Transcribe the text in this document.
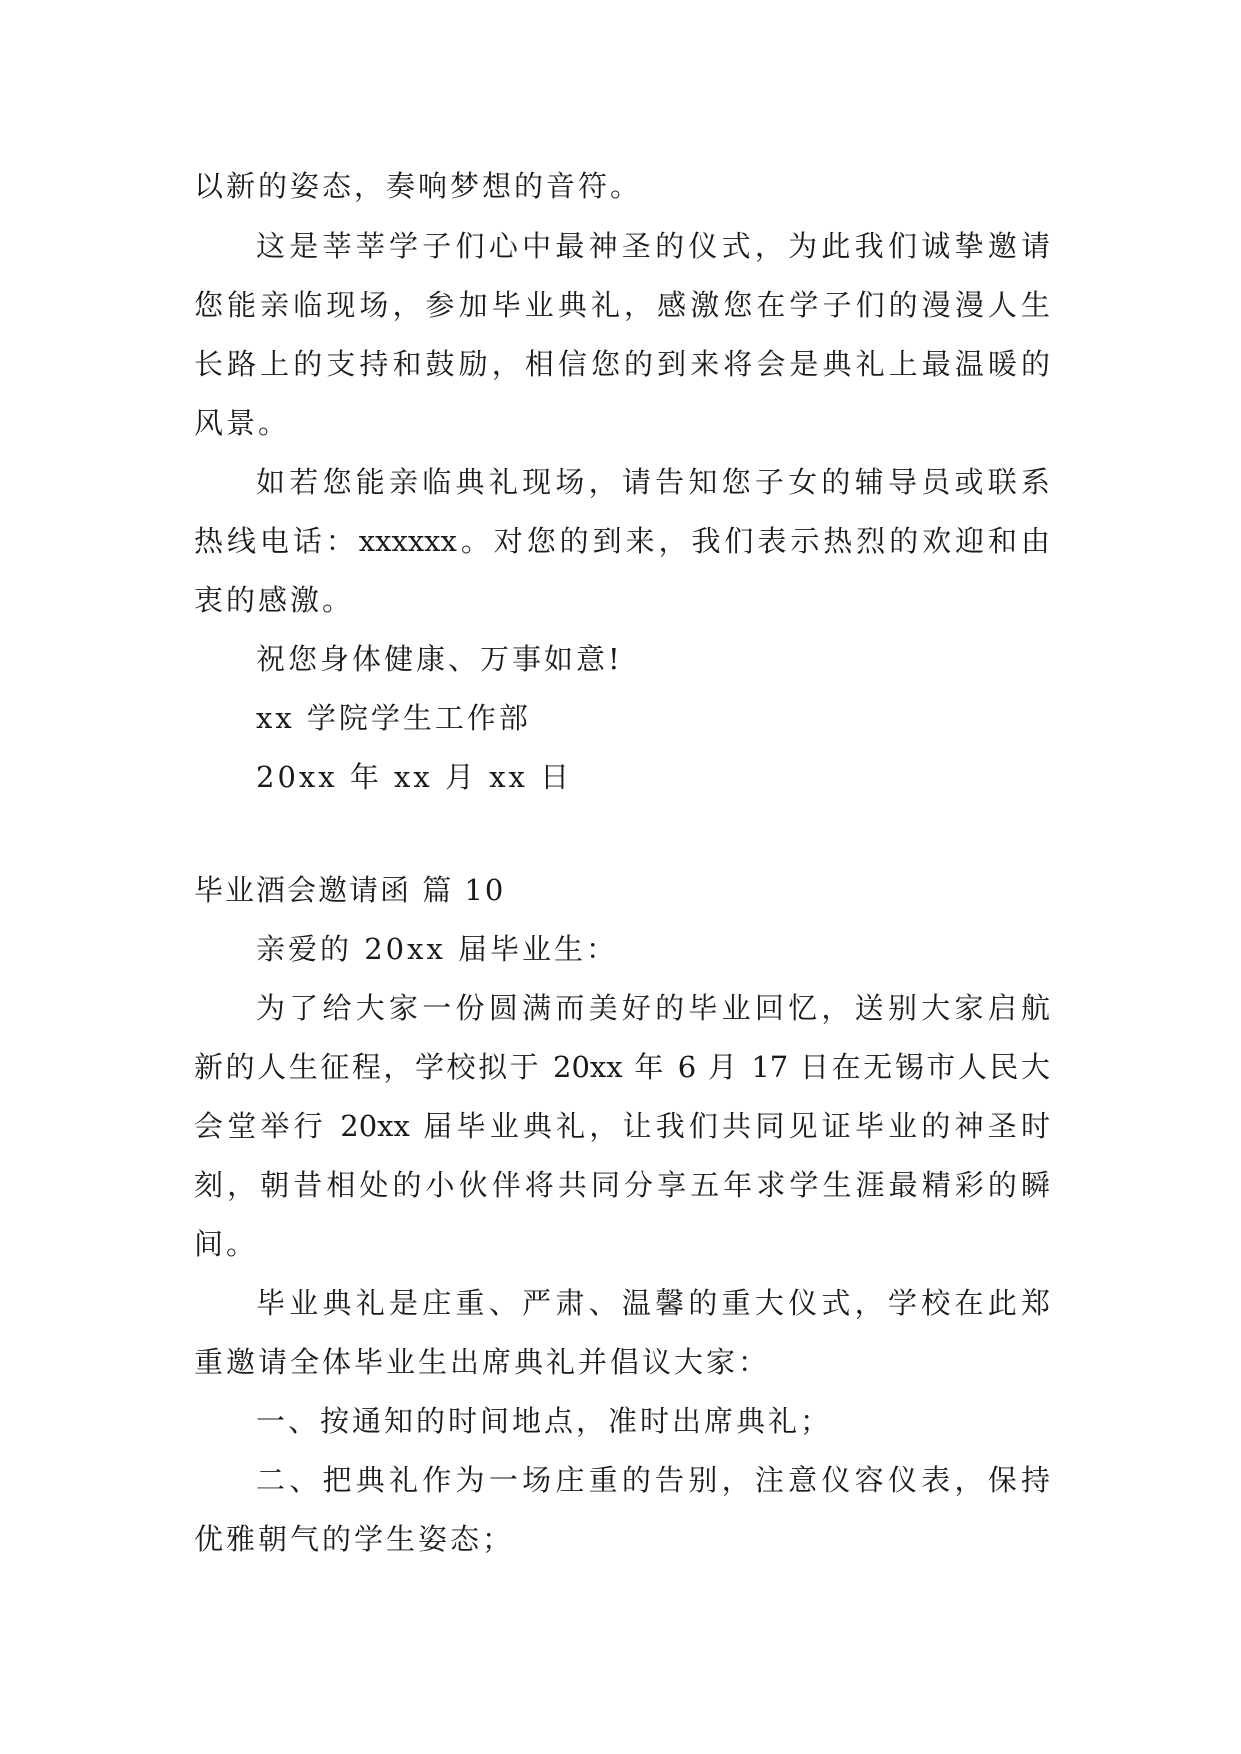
以新的姿态，奏响梦想的音符。
这是莘莘学子们心中最神圣的仪式，为此我们诚挚邀请
您能亲临现场，参加毕业典礼，感激您在学子们的漫漫人生
长路上的支持和鼓励，相信您的到来将会是典礼上最温暖的
风景。
如若您能亲临典礼现场，请告知您子女的辅导员或联系
热线电话：xxxxxx。对您的到来，我们表示热烈的欢迎和由
衷的感激。
祝您身体健康、万事如意!
xx 学院学生工作部
20xx 年 xx 月 xx 日
毕业酒会邀请函 篇 10
亲爱的 20xx 届毕业生：
为了给大家一份圆满而美好的毕业回忆，送别大家启航
新的人生征程，学校拟于 20xx 年 6 月 17 日在无锡市人民大
会堂举行 20xx 届毕业典礼，让我们共同见证毕业的神圣时
刻，朝昔相处的小伙伴将共同分享五年求学生涯最精彩的瞬
间。
毕业典礼是庄重、严肃、温馨的重大仪式，学校在此郑
重邀请全体毕业生出席典礼并倡议大家：
一、按通知的时间地点，准时出席典礼；
二、把典礼作为一场庄重的告别，注意仪容仪表，保持
优雅朝气的学生姿态；
